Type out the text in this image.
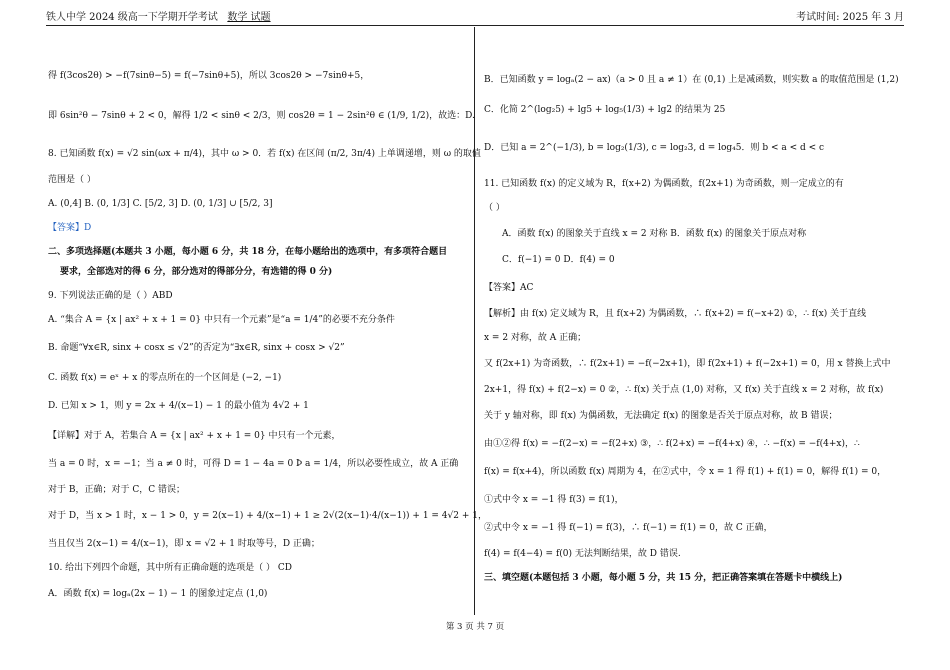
铁人中学 2024 级高一下学期开学考试 数学 试题	考试时间: 2025 年 3 月
得 f(3cos2θ) > −f(7sinθ−5) = f(−7sinθ+5)，所以 3cos2θ > −7sinθ+5，
即 6sin²θ − 7sinθ + 2 < 0，解得 1/2 < sinθ < 2/3，则 cos2θ = 1 − 2sin²θ ∈ (1/9, 1/2)，故选：D.
8. 已知函数 f(x) = √2 sin(ωx + π/4)，其中 ω > 0．若 f(x) 在区间 (π/2, 3π/4) 上单调递增，则 ω 的取值
范围是（ ）
A. (0,4] B. (0, 1/3] C. [5/2, 3] D. (0, 1/3] ∪ [5/2, 3]
【答案】D
二、多项选择题(本题共 3 小题，每小题 6 分，共 18 分，在每小题给出的选项中，有多项符合题目
要求，全部选对的得 6 分，部分选对的得部分分，有选错的得 0 分)
9. 下列说法正确的是（ ）ABD
A. “集合 A = {x | ax² + x + 1 = 0} 中只有一个元素”是“a = 1/4”的必要不充分条件
B. 命题“∀x∈R, sinx + cosx ≤ √2”的否定为“∃x∈R, sinx + cosx > √2”
C. 函数 f(x) = eˣ + x 的零点所在的一个区间是 (−2, −1)
D. 已知 x > 1，则 y = 2x + 4/(x−1) − 1 的最小值为 4√2 + 1
【详解】对于 A，若集合 A = {x | ax² + x + 1 = 0} 中只有一个元素，
当 a = 0 时，x = −1；当 a ≠ 0 时，可得 D = 1 − 4a = 0 Þ a = 1/4，所以必要性成立，故 A 正确
对于 B，正确；对于 C，C 错误；
对于 D，当 x > 1 时，x − 1 > 0，y = 2(x−1) + 4/(x−1) + 1 ≥ 2√(2(x−1)·4/(x−1)) + 1 = 4√2 + 1，
当且仅当 2(x−1) = 4/(x−1)，即 x = √2 + 1 时取等号，D 正确；
10. 给出下列四个命题，其中所有正确命题的选项是（ ） CD
A．函数 f(x) = logₐ(2x − 1) − 1 的图象过定点 (1,0)
B．已知函数 y = logₐ(2 − ax)（a > 0 且 a ≠ 1）在 (0,1) 上是减函数，则实数 a 的取值范围是 (1,2)
C．化简 2^(log₂5) + lg5 + log₅(1/3) + lg2 的结果为 25
D．已知 a = 2^(−1/3), b = log₂(1/3), c = log₂3, d = log₄5．则 b < a < d < c
11. 已知函数 f(x) 的定义域为 R，f(x+2) 为偶函数，f(2x+1) 为奇函数，则一定成立的有
（ ）
A．函数 f(x) 的图象关于直线 x = 2 对称 B．函数 f(x) 的图象关于原点对称
C．f(−1) = 0 D．f(4) = 0
【答案】AC
【解析】由 f(x) 定义域为 R，且 f(x+2) 为偶函数，∴ f(x+2) = f(−x+2) ①，∴ f(x) 关于直线
x = 2 对称，故 A 正确；
又 f(2x+1) 为奇函数，∴ f(2x+1) = −f(−2x+1)，即 f(2x+1) + f(−2x+1) = 0，用 x 替换上式中
2x+1，得 f(x) + f(2−x) = 0 ②，∴ f(x) 关于点 (1,0) 对称，又 f(x) 关于直线 x = 2 对称，故 f(x)
关于 y 轴对称，即 f(x) 为偶函数，无法确定 f(x) 的图象是否关于原点对称，故 B 错误；
由①②得 f(x) = −f(2−x) = −f(2+x) ③，∴ f(2+x) = −f(4+x) ④，∴ −f(x) = −f(4+x)，∴
f(x) = f(x+4)，所以函数 f(x) 周期为 4，在②式中，令 x = 1 得 f(1) + f(1) = 0，解得 f(1) = 0，
①式中令 x = −1 得 f(3) = f(1)，
②式中令 x = −1 得 f(−1) = f(3)，∴ f(−1) = f(1) = 0，故 C 正确，
f(4) = f(4−4) = f(0) 无法判断结果，故 D 错误.
三、填空题(本题包括 3 小题，每小题 5 分，共 15 分，把正确答案填在答题卡中横线上)
第 3 页 共 7 页
